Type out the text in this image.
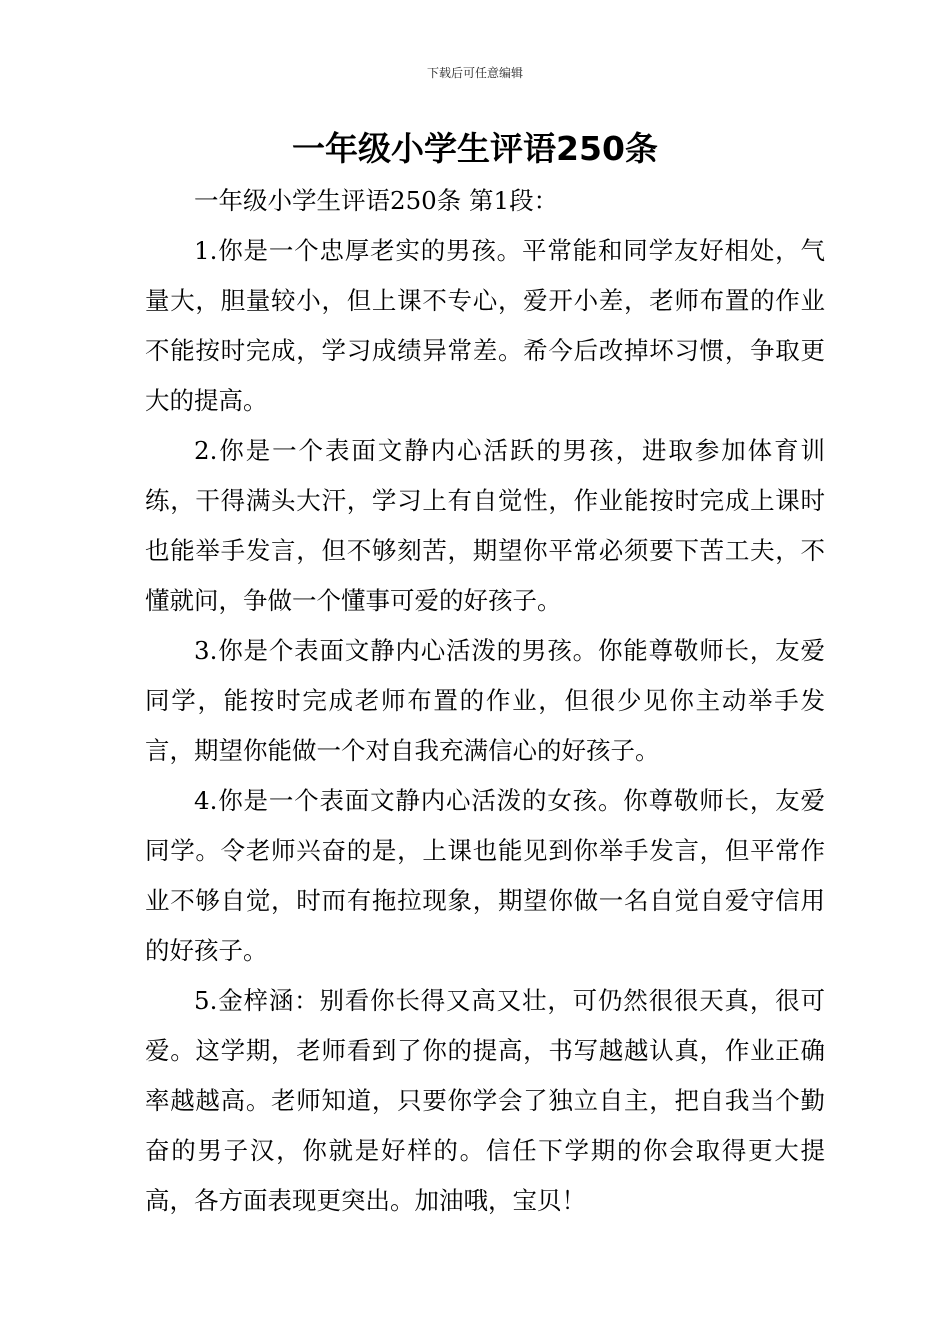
下载后可任意编辑
一年级小学生评语250条

一年级小学生评语250条 第1段：

1.你是一个忠厚老实的男孩。平常能和同学友好相处，气量大，胆量较小，但上课不专心，爱开小差，老师布置的作业不能按时完成，学习成绩异常差。希今后改掉坏习惯，争取更大的提高。

2.你是一个表面文静内心活跃的男孩，进取参加体育训练，干得满头大汗，学习上有自觉性，作业能按时完成上课时也能举手发言，但不够刻苦，期望你平常必须要下苦工夫，不懂就问，争做一个懂事可爱的好孩子。

3.你是个表面文静内心活泼的男孩。你能尊敬师长，友爱同学，能按时完成老师布置的作业，但很少见你主动举手发言，期望你能做一个对自我充满信心的好孩子。

4.你是一个表面文静内心活泼的女孩。你尊敬师长，友爱同学。令老师兴奋的是，上课也能见到你举手发言，但平常作业不够自觉，时而有拖拉现象，期望你做一名自觉自爱守信用的好孩子。

5.金梓涵：别看你长得又高又壮，可仍然很很天真，很可爱。这学期，老师看到了你的提高，书写越越认真，作业正确率越越高。老师知道，只要你学会了独立自主，把自我当个勤奋的男子汉，你就是好样的。信任下学期的你会取得更大提高，各方面表现更突出。加油哦，宝贝！
